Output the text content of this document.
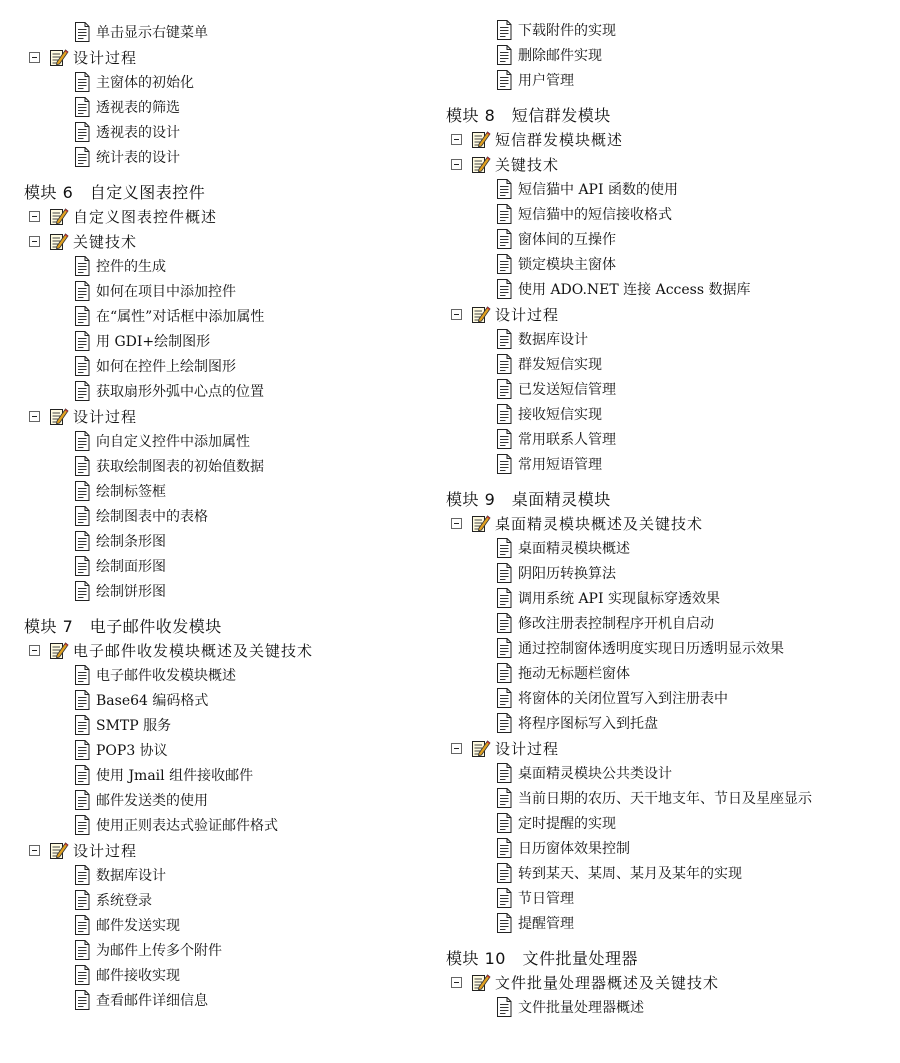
单击显示右键菜单
设计过程
主窗体的初始化
透视表的筛选
透视表的设计
统计表的设计
模块 6　自定义图表控件
自定义图表控件概述
关键技术
控件的生成
如何在项目中添加控件
在“属性”对话框中添加属性
用 GDI+绘制图形
如何在控件上绘制图形
获取扇形外弧中心点的位置
设计过程
向自定义控件中添加属性
获取绘制图表的初始值数据
绘制标签框
绘制图表中的表格
绘制条形图
绘制面形图
绘制饼形图
模块 7　电子邮件收发模块
电子邮件收发模块概述及关键技术
电子邮件收发模块概述
Base64 编码格式
SMTP 服务
POP3 协议
使用 Jmail 组件接收邮件
邮件发送类的使用
使用正则表达式验证邮件格式
设计过程
数据库设计
系统登录
邮件发送实现
为邮件上传多个附件
邮件接收实现
查看邮件详细信息
下载附件的实现
删除邮件实现
用户管理
模块 8　短信群发模块
短信群发模块概述
关键技术
短信猫中 API 函数的使用
短信猫中的短信接收格式
窗体间的互操作
锁定模块主窗体
使用 ADO.NET 连接 Access 数据库
设计过程
数据库设计
群发短信实现
已发送短信管理
接收短信实现
常用联系人管理
常用短语管理
模块 9　桌面精灵模块
桌面精灵模块概述及关键技术
桌面精灵模块概述
阴阳历转换算法
调用系统 API 实现鼠标穿透效果
修改注册表控制程序开机自启动
通过控制窗体透明度实现日历透明显示效果
拖动无标题栏窗体
将窗体的关闭位置写入到注册表中
将程序图标写入到托盘
设计过程
桌面精灵模块公共类设计
当前日期的农历、天干地支年、节日及星座显示
定时提醒的实现
日历窗体效果控制
转到某天、某周、某月及某年的实现
节日管理
提醒管理
模块 10　文件批量处理器
文件批量处理器概述及关键技术
文件批量处理器概述
